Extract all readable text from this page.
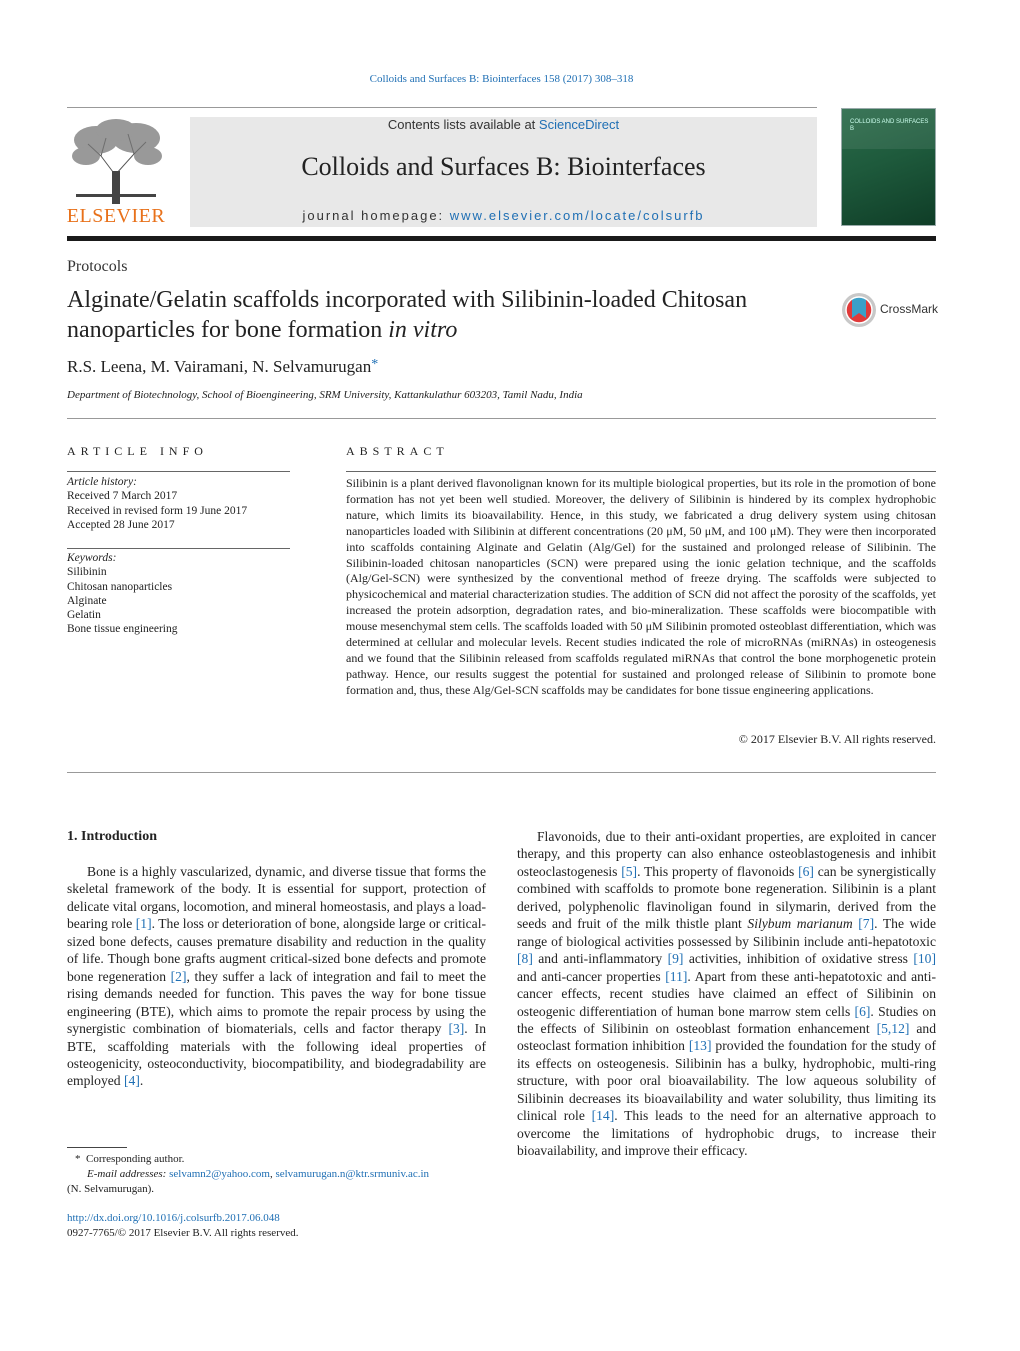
Colloids and Surfaces B: Biointerfaces 158 (2017) 308–318
ELSEVIER
Contents lists available at ScienceDirect
Colloids and Surfaces B: Biointerfaces
journal homepage: www.elsevier.com/locate/colsurfb
COLLOIDS AND SURFACES B
Protocols
Alginate/Gelatin scaffolds incorporated with Silibinin-loaded Chitosan nanoparticles for bone formation in vitro
CrossMark
R.S. Leena, M. Vairamani, N. Selvamurugan*
Department of Biotechnology, School of Bioengineering, SRM University, Kattankulathur 603203, Tamil Nadu, India
ARTICLE INFO
Article history:
Received 7 March 2017
Received in revised form 19 June 2017
Accepted 28 June 2017
Keywords:
Silibinin
Chitosan nanoparticles
Alginate
Gelatin
Bone tissue engineering
ABSTRACT
Silibinin is a plant derived flavonolignan known for its multiple biological properties, but its role in the promotion of bone formation has not yet been well studied. Moreover, the delivery of Silibinin is hindered by its complex hydrophobic nature, which limits its bioavailability. Hence, in this study, we fabricated a drug delivery system using chitosan nanoparticles loaded with Silibinin at different concentrations (20 μM, 50 μM, and 100 μM). They were then incorporated into scaffolds containing Alginate and Gelatin (Alg/Gel) for the sustained and prolonged release of Silibinin. The Silibinin-loaded chitosan nanoparticles (SCN) were prepared using the ionic gelation technique, and the scaffolds (Alg/Gel-SCN) were synthesized by the conventional method of freeze drying. The scaffolds were subjected to physicochemical and material characterization studies. The addition of SCN did not affect the porosity of the scaffolds, yet increased the protein adsorption, degradation rates, and bio-mineralization. These scaffolds were biocompatible with mouse mesenchymal stem cells. The scaffolds loaded with 50 μM Silibinin promoted osteoblast differentiation, which was determined at cellular and molecular levels. Recent studies indicated the role of microRNAs (miRNAs) in osteogenesis and we found that the Silibinin released from scaffolds regulated miRNAs that control the bone morphogenetic protein pathway. Hence, our results suggest the potential for sustained and prolonged release of Silibinin to promote bone formation and, thus, these Alg/Gel-SCN scaffolds may be candidates for bone tissue engineering applications.
© 2017 Elsevier B.V. All rights reserved.
1. Introduction

Bone is a highly vascularized, dynamic, and diverse tissue that forms the skeletal framework of the body. It is essential for support, protection of delicate vital organs, locomotion, and mineral homeostasis, and plays a load-bearing role [1]. The loss or deterioration of bone, alongside large or critical-sized bone defects, causes premature disability and reduction in the quality of life. Though bone grafts augment critical-sized bone defects and promote bone regeneration [2], they suffer a lack of integration and fail to meet the rising demands needed for function. This paves the way for bone tissue engineering (BTE), which aims to promote the repair process by using the synergistic combination of biomaterials, cells and factor therapy [3]. In BTE, scaffolding materials with the following ideal properties of osteogenicity, osteoconductivity, biocompatibility, and biodegradability are employed [4].

Flavonoids, due to their anti-oxidant properties, are exploited in cancer therapy, and this property can also enhance osteoblastogenesis and inhibit osteoclastogenesis [5]. This property of flavonoids [6] can be synergistically combined with scaffolds to promote bone regeneration. Silibinin is a plant derived, polyphenolic flavinoligan found in silymarin, derived from the seeds and fruit of the milk thistle plant Silybum marianum [7]. The wide range of biological activities possessed by Silibinin include anti-hepatotoxic [8] and anti-inflammatory [9] activities, inhibition of oxidative stress [10] and anti-cancer properties [11]. Apart from these anti-hepatotoxic and anti-cancer effects, recent studies have claimed an effect of Silibinin on osteogenic differentiation of human bone marrow stem cells [6]. Studies on the effects of Silibinin on osteoblast formation enhancement [5,12] and osteoclast formation inhibition [13] provided the foundation for the study of its effects on osteogenesis. Silibinin has a bulky, hydrophobic, multi-ring structure, with poor oral bioavailability. The low aqueous solubility of Silibinin decreases its bioavailability and water solubility, thus limiting its clinical role [14]. This leads to the need for an alternative approach to overcome the limitations of hydrophobic drugs, to increase their bioavailability, and improve their efficacy.

* Corresponding author.
E-mail addresses: selvamn2@yahoo.com, selvamurugan.n@ktr.srmuniv.ac.in
(N. Selvamurugan).
http://dx.doi.org/10.1016/j.colsurfb.2017.06.048
0927-7765/© 2017 Elsevier B.V. All rights reserved.
